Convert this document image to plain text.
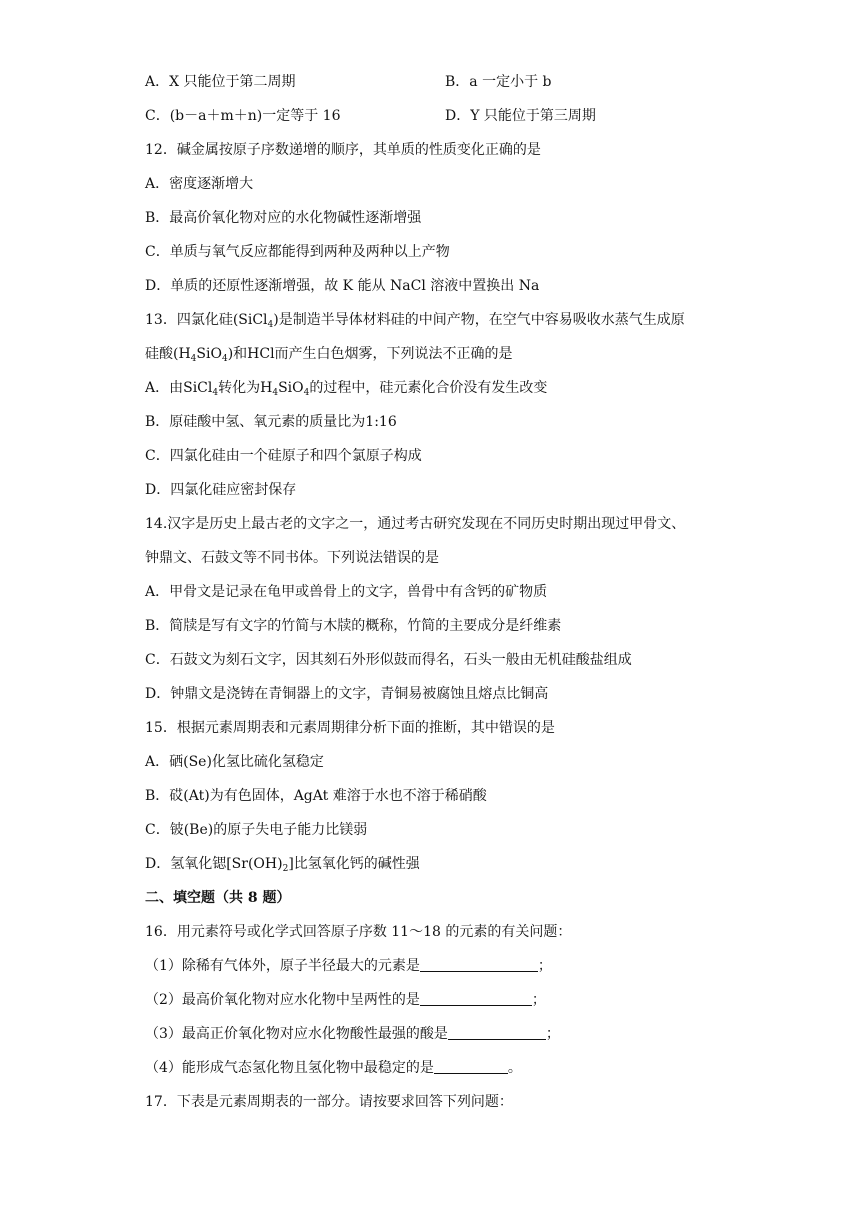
A．X 只能位于第二周期	B．a 一定小于 b
C．(b－a＋m＋n)一定等于 16	D．Y 只能位于第三周期
12．碱金属按原子序数递增的顺序，其单质的性质变化正确的是
A．密度逐渐增大
B．最高价氧化物对应的水化物碱性逐渐增强
C．单质与氧气反应都能得到两种及两种以上产物
D．单质的还原性逐渐增强，故 K 能从 NaCl 溶液中置换出 Na
13．四氯化硅(SiCl$_4$)是制造半导体材料硅的中间产物，在空气中容易吸收水蒸气生成原
硅酸$(H_4SiO_4)$和HCl而产生白色烟雾，下列说法不正确的是
A．由SiCl$_4$转化为$H_4SiO_4$的过程中，硅元素化合价没有发生改变
B．原硅酸中氢、氧元素的质量比为1:16
C．四氯化硅由一个硅原子和四个氯原子构成
D．四氯化硅应密封保存
14.汉字是历史上最古老的文字之一，通过考古研究发现在不同历史时期出现过甲骨文、
钟鼎文、石鼓文等不同书体。下列说法错误的是
A．甲骨文是记录在龟甲或兽骨上的文字，兽骨中有含钙的矿物质
B．简牍是写有文字的竹简与木牍的概称，竹简的主要成分是纤维素
C．石鼓文为刻石文字，因其刻石外形似鼓而得名，石头一般由无机硅酸盐组成
D．钟鼎文是浇铸在青铜器上的文字，青铜易被腐蚀且熔点比铜高
15．根据元素周期表和元素周期律分析下面的推断，其中错误的是
A．硒(Se)化氢比硫化氢稳定
B．砹(At)为有色固体，AgAt 难溶于水也不溶于稀硝酸
C．铍(Be)的原子失电子能力比镁弱
D．氢氧化锶$[Sr(OH)_2]$比氢氧化钙的碱性强
二、填空题（共 8 题）
16．用元素符号或化学式回答原子序数 11～18 的元素的有关问题：
（1）除稀有气体外，原子半径最大的元素是	；
（2）最高价氧化物对应水化物中呈两性的是	；
（3）最高正价氧化物对应水化物酸性最强的酸是	；
（4）能形成气态氢化物且氢化物中最稳定的是	。
17．下表是元素周期表的一部分。请按要求回答下列问题：
